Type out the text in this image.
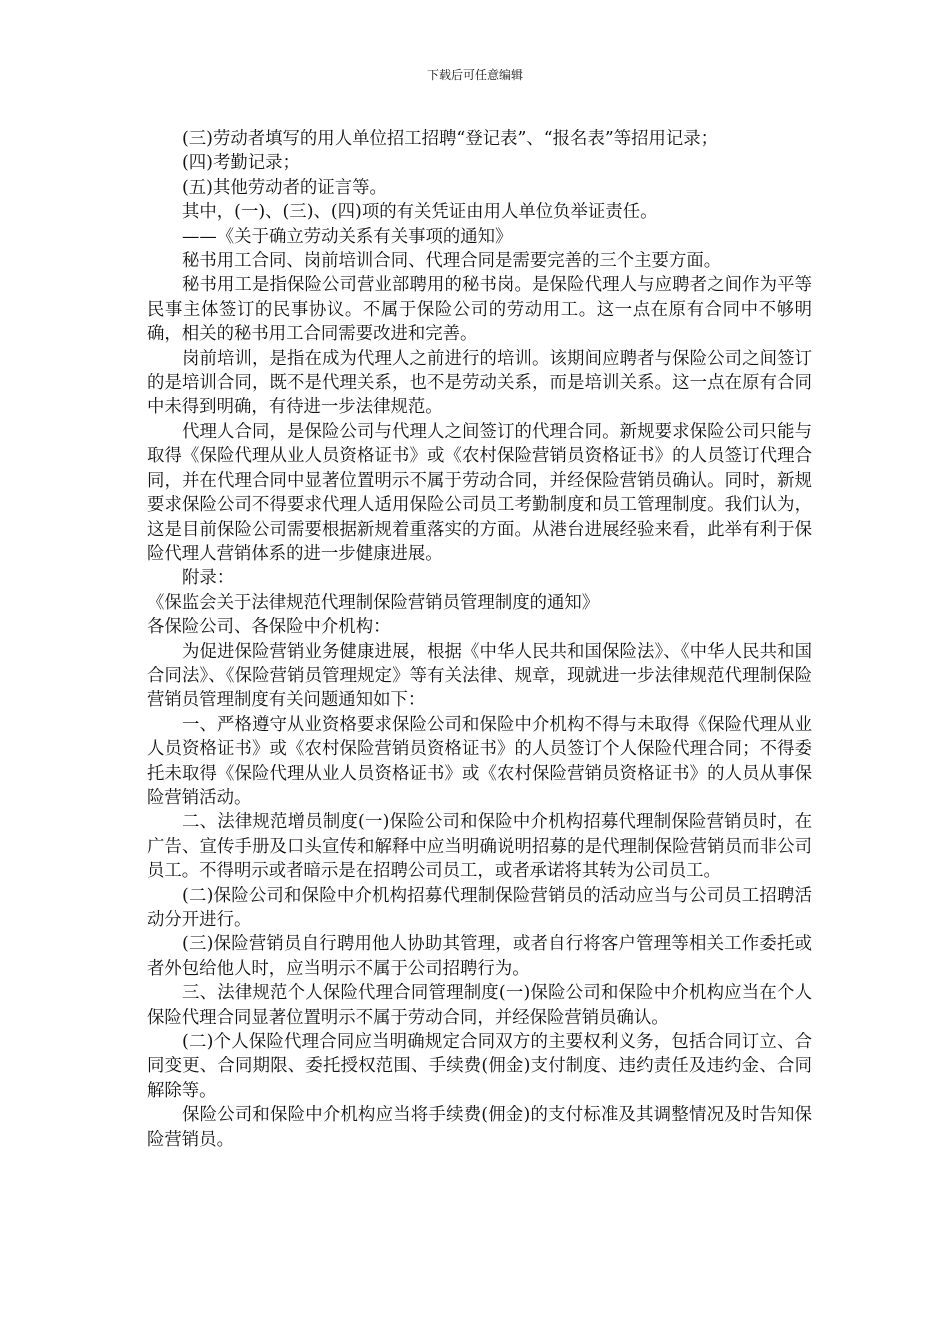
下载后可任意编辑

(三)劳动者填写的用人单位招工招聘“登记表”、“报名表”等招用记录；

(四)考勤记录；

(五)其他劳动者的证言等。

其中，(一)、(三)、(四)项的有关凭证由用人单位负举证责任。

——《关于确立劳动关系有关事项的通知》

秘书用工合同、岗前培训合同、代理合同是需要完善的三个主要方面。

秘书用工是指保险公司营业部聘用的秘书岗。是保险代理人与应聘者之间作为平等民事主体签订的民事协议。不属于保险公司的劳动用工。这一点在原有合同中不够明确，相关的秘书用工合同需要改进和完善。

岗前培训，是指在成为代理人之前进行的培训。该期间应聘者与保险公司之间签订的是培训合同，既不是代理关系，也不是劳动关系，而是培训关系。这一点在原有合同中未得到明确，有待进一步法律规范。

代理人合同，是保险公司与代理人之间签订的代理合同。新规要求保险公司只能与取得《保险代理从业人员资格证书》或《农村保险营销员资格证书》的人员签订代理合同，并在代理合同中显著位置明示不属于劳动合同，并经保险营销员确认。同时，新规要求保险公司不得要求代理人适用保险公司员工考勤制度和员工管理制度。我们认为，这是目前保险公司需要根据新规着重落实的方面。从港台进展经验来看，此举有利于保险代理人营销体系的进一步健康进展。

附录：

《保监会关于法律规范代理制保险营销员管理制度的通知》

各保险公司、各保险中介机构：

为促进保险营销业务健康进展，根据《中华人民共和国保险法》、《中华人民共和国合同法》、《保险营销员管理规定》等有关法律、规章，现就进一步法律规范代理制保险营销员管理制度有关问题通知如下：

一、严格遵守从业资格要求保险公司和保险中介机构不得与未取得《保险代理从业人员资格证书》或《农村保险营销员资格证书》的人员签订个人保险代理合同；不得委托未取得《保险代理从业人员资格证书》或《农村保险营销员资格证书》的人员从事保险营销活动。

二、法律规范增员制度(一)保险公司和保险中介机构招募代理制保险营销员时，在广告、宣传手册及口头宣传和解释中应当明确说明招募的是代理制保险营销员而非公司员工。不得明示或者暗示是在招聘公司员工，或者承诺将其转为公司员工。

(二)保险公司和保险中介机构招募代理制保险营销员的活动应当与公司员工招聘活动分开进行。

(三)保险营销员自行聘用他人协助其管理，或者自行将客户管理等相关工作委托或者外包给他人时，应当明示不属于公司招聘行为。

三、法律规范个人保险代理合同管理制度(一)保险公司和保险中介机构应当在个人保险代理合同显著位置明示不属于劳动合同，并经保险营销员确认。

(二)个人保险代理合同应当明确规定合同双方的主要权利义务，包括合同订立、合同变更、合同期限、委托授权范围、手续费(佣金)支付制度、违约责任及违约金、合同解除等。

保险公司和保险中介机构应当将手续费(佣金)的支付标准及其调整情况及时告知保险营销员。
